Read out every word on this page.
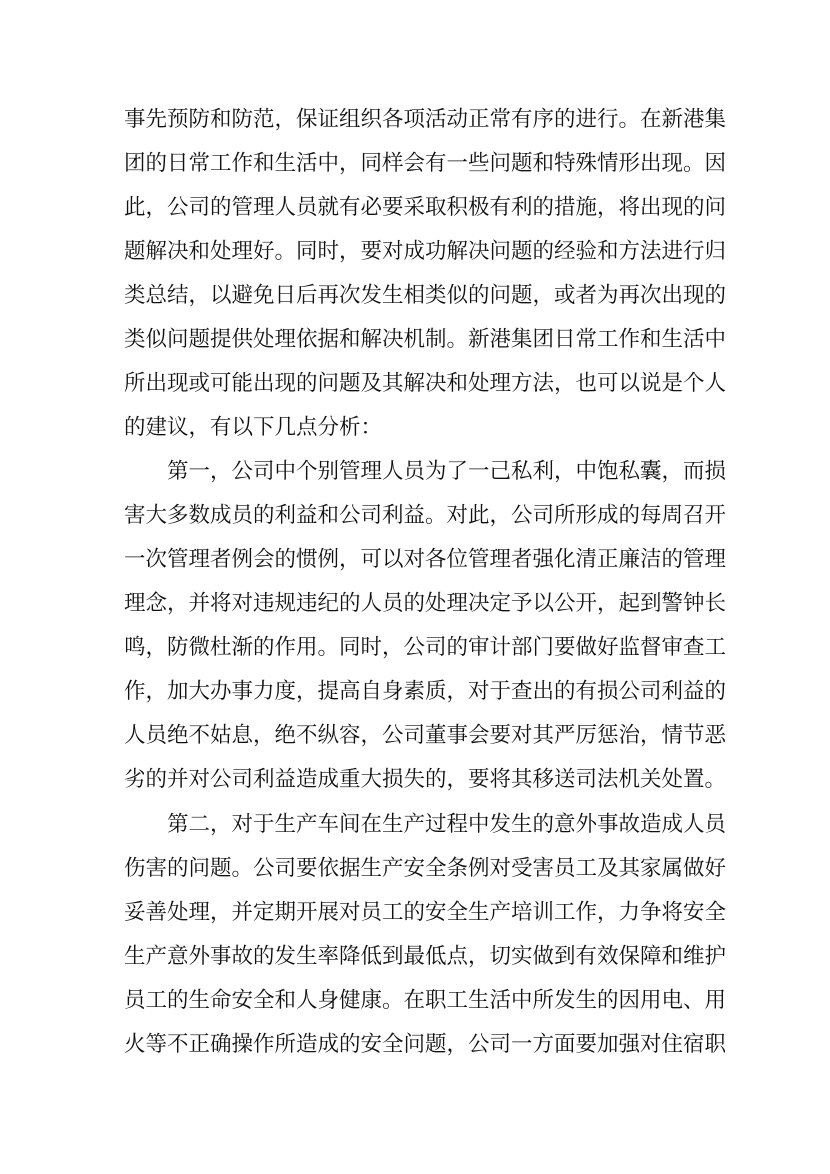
事先预防和防范，保证组织各项活动正常有序的进行。在新港集
团的日常工作和生活中，同样会有一些问题和特殊情形出现。因
此，公司的管理人员就有必要采取积极有利的措施，将出现的问
题解决和处理好。同时，要对成功解决问题的经验和方法进行归
类总结，以避免日后再次发生相类似的问题，或者为再次出现的
类似问题提供处理依据和解决机制。新港集团日常工作和生活中
所出现或可能出现的问题及其解决和处理方法，也可以说是个人
的建议，有以下几点分析：
第一，公司中个别管理人员为了一己私利，中饱私囊，而损
害大多数成员的利益和公司利益。对此，公司所形成的每周召开
一次管理者例会的惯例，可以对各位管理者强化清正廉洁的管理
理念，并将对违规违纪的人员的处理决定予以公开，起到警钟长
鸣，防微杜渐的作用。同时，公司的审计部门要做好监督审查工
作，加大办事力度，提高自身素质，对于查出的有损公司利益的
人员绝不姑息，绝不纵容，公司董事会要对其严厉惩治，情节恶
劣的并对公司利益造成重大损失的，要将其移送司法机关处置。
第二，对于生产车间在生产过程中发生的意外事故造成人员
伤害的问题。公司要依据生产安全条例对受害员工及其家属做好
妥善处理，并定期开展对员工的安全生产培训工作，力争将安全
生产意外事故的发生率降低到最低点，切实做到有效保障和维护
员工的生命安全和人身健康。在职工生活中所发生的因用电、用
火等不正确操作所造成的安全问题，公司一方面要加强对住宿职
